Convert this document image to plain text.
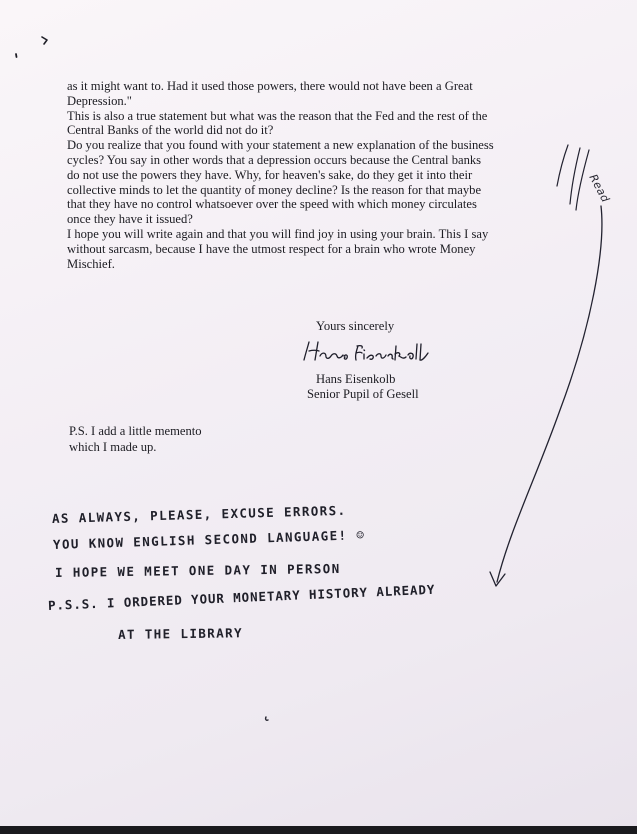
as it might want to. Had it used those powers, there would not have been a Great
Depression."
This is also a true statement but what was the reason that the Fed and the rest of the
Central Banks of the world did not do it?
Do you realize that you found with your statement a new explanation of the business
cycles? You say in other words that a depression occurs because the Central banks
do not use the powers they have. Why, for heaven's sake, do they get it into their
collective minds to let the quantity of money decline? Is the reason for that maybe
that they have no control whatsoever over the speed with which money circulates
once they have it issued?
I hope you will write again and that you will find joy in using your brain. This I say
without sarcasm, because I have the utmost respect for a brain who wrote Money
Mischief.
Yours sincerely
Hans Eisenkolb
Senior Pupil of Gesell
P.S. I add a little memento
which I made up.
AS ALWAYS, PLEASE, EXCUSE ERRORS.
YOU KNOW ENGLISH SECOND LANGUAGE! ☺
I HOPE WE MEET ONE DAY IN PERSON
P.S.S. I ORDERED YOUR MONETARY HISTORY ALREADY
AT THE LIBRARY
Read
